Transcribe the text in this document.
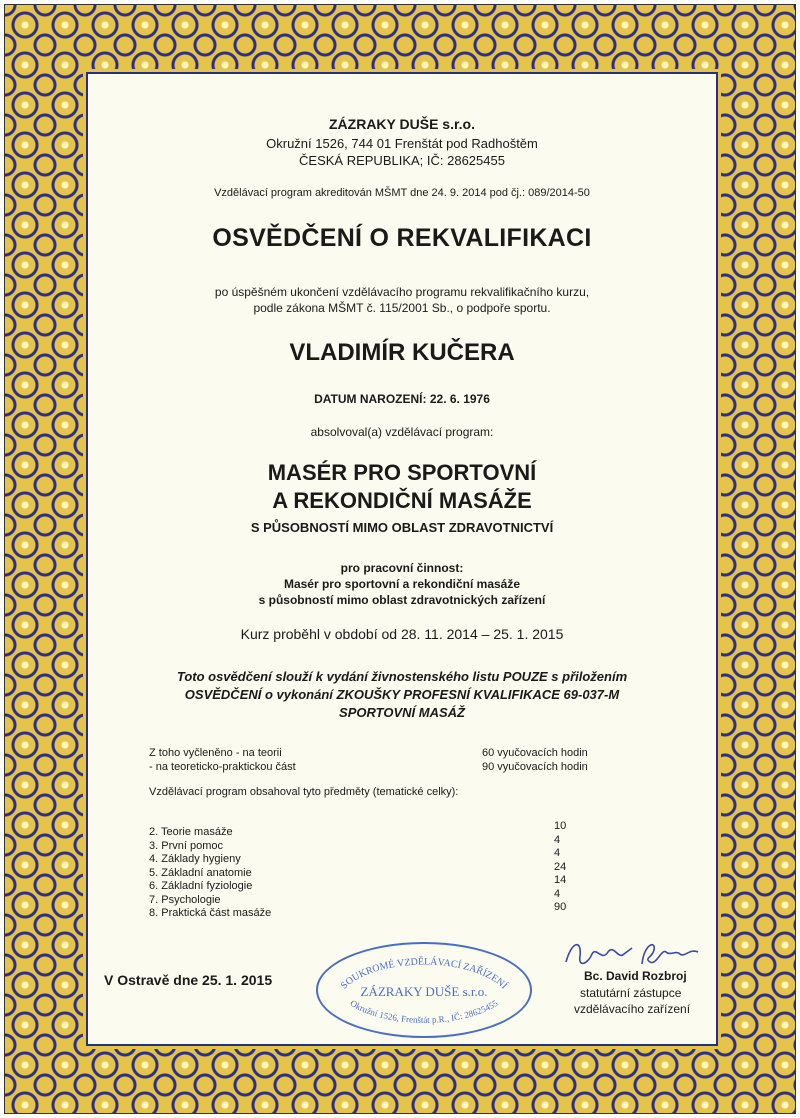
ZÁZRAKY DUŠE s.r.o.
Okružní 1526, 744 01 Frenštát pod Radhoštěm
ČESKÁ REPUBLIKA; IČ: 28625455
Vzdělávací program akreditován MŠMT dne 24. 9. 2014 pod čj.: 089/2014-50
OSVĚDČENÍ O REKVALIFIKACI
po úspěšném ukončení vzdělávacího programu rekvalifikačního kurzu,
podle zákona MŠMT č. 115/2001 Sb., o podpoře sportu.
VLADIMÍR KUČERA
DATUM NAROZENÍ: 22. 6. 1976
absolvoval(a) vzdělávací program:
MASÉR PRO SPORTOVNÍ
A REKONDIČNÍ MASÁŽE
S PŮSOBNOSTÍ MIMO OBLAST ZDRAVOTNICTVÍ
pro pracovní činnost:
Masér pro sportovní a rekondiční masáže
s působností mimo oblast zdravotnických zařízení
Kurz proběhl v období od 28. 11. 2014 – 25. 1. 2015
Toto osvědčení slouží k vydání živnostenského listu POUZE s přiložením
OSVĚDČENÍ o vykonání ZKOUŠKY PROFESNÍ KVALIFIKACE 69-037-M
SPORTOVNÍ MASÁŽ
Z toho vyčleněno - na teorii
- na teoreticko-praktickou část
60 vyučovacích hodin
90 vyučovacích hodin
Vzdělávací program obsahoval tyto předměty (tematické celky):
2. Teorie masáže
3. První pomoc
4. Základy hygieny
5. Základní anatomie
6. Základní fyziologie
7. Psychologie
8. Praktická část masáže
10
4
4
24
14
4
90
V Ostravě dne 25. 1. 2015	SOUKROMÉ VZDĚLÁVACÍ ZAŘÍZENÍ
ZÁZRAKY DUŠE s.r.o.
Okružní 1526, Frenštát p.R., IČ: 28625455
Bc. David Rozbroj
statutární zástupce
vzdělávacího zařízení
